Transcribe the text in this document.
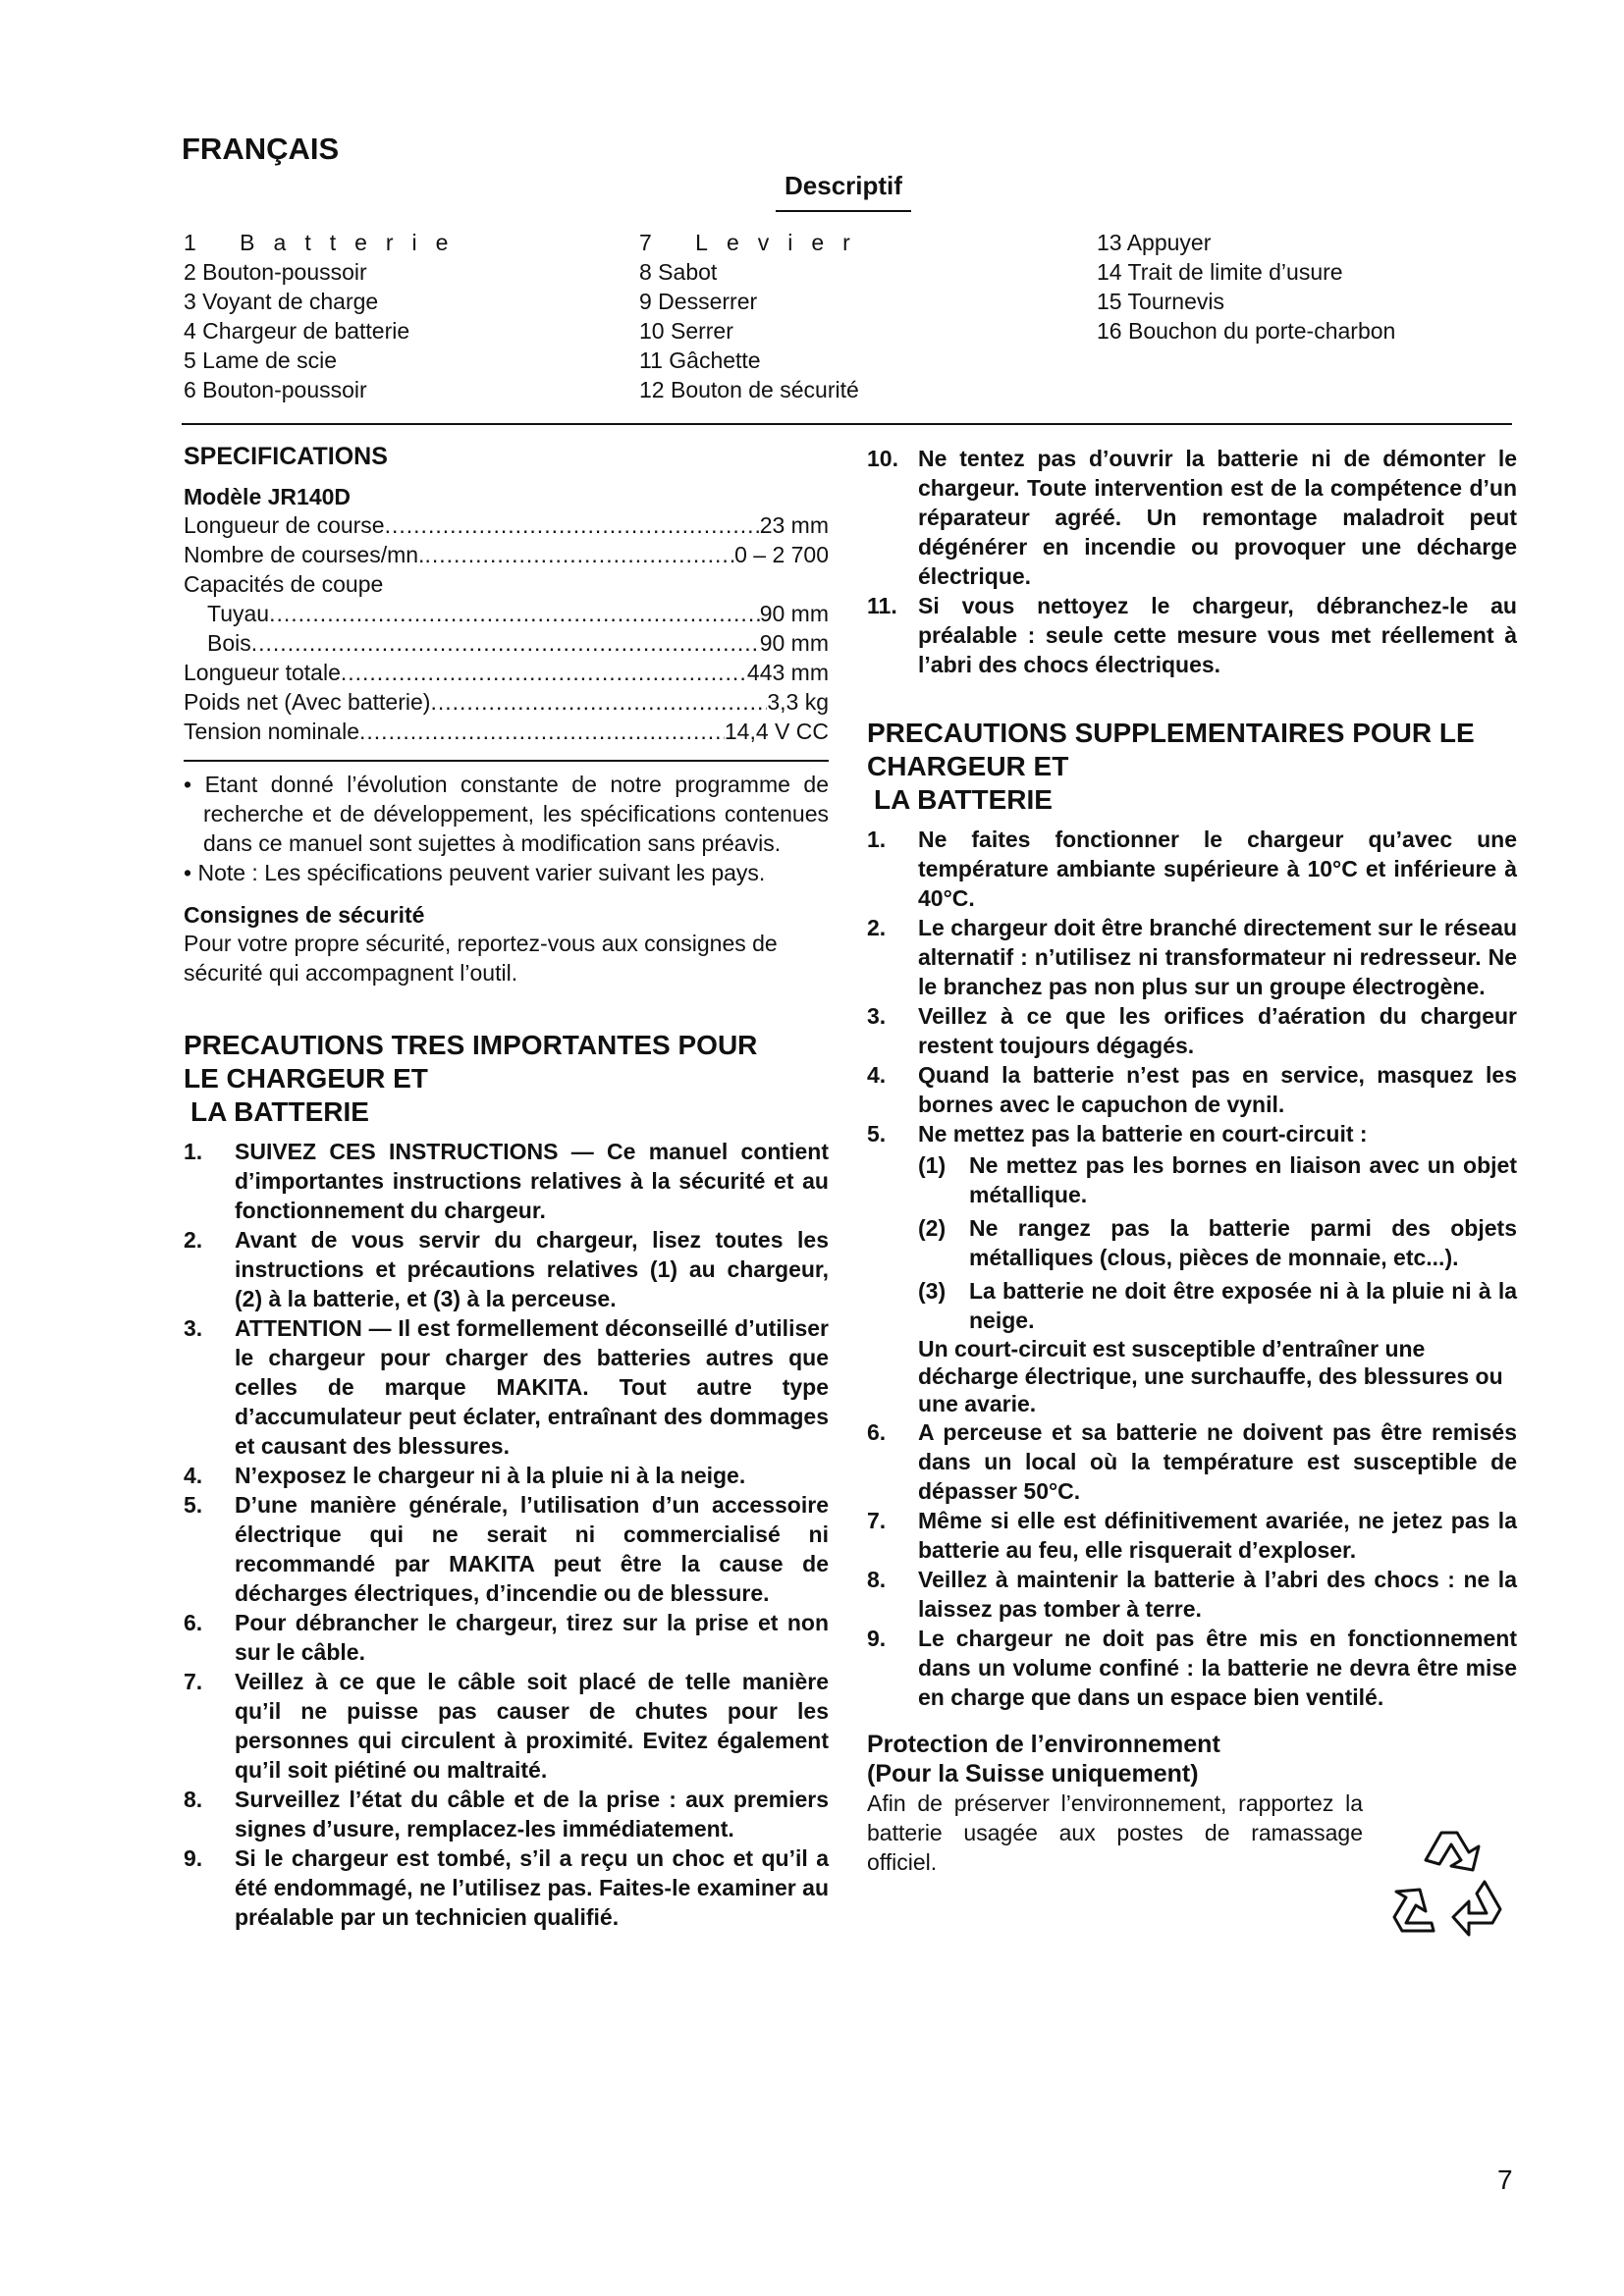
FRANÇAIS
Descriptif
1 Batterie
2 Bouton-poussoir
3 Voyant de charge
4 Chargeur de batterie
5 Lame de scie
6 Bouton-poussoir
7 Levier
8 Sabot
9 Desserrer
10 Serrer
11 Gâchette
12 Bouton de sécurité
13 Appuyer
14 Trait de limite d’usure
15 Tournevis
16 Bouchon du porte-charbon
SPECIFICATIONS

Modèle JR140D

Longueur de course .....	23 mm
Nombre de courses/mn. .....	0 – 2 700
Capacités de coupe
Tuyau .....	90 mm
Bois .....	90 mm
Longueur totale .....	443 mm
Poids net (Avec batterie) .....	3,3 kg
Tension nominale .....	14,4 V CC
• Etant donné l’évolution constante de notre programme de recherche et de développement, les spécifications contenues dans ce manuel sont sujettes à modification sans préavis.
• Note : Les spécifications peuvent varier suivant les pays.

Consignes de sécurité

Pour votre propre sécurité, reportez-vous aux consignes de sécurité qui accompagnent l’outil.

PRECAUTIONS TRES IMPORTANTES POUR
LE CHARGEUR ET
LA BATTERIE
1.	SUIVEZ CES INSTRUCTIONS — Ce manuel contient d’importantes instructions relatives à la sécurité et au fonctionnement du chargeur.
2.	Avant de vous servir du chargeur, lisez toutes les instructions et précautions relatives (1) au chargeur, (2) à la batterie, et (3) à la perceuse.
3.	ATTENTION — Il est formellement déconseillé d’utiliser le chargeur pour charger des batteries autres que celles de marque MAKITA. Tout autre type d’accumulateur peut éclater, entraînant des dommages et causant des blessures.
4.	N’exposez le chargeur ni à la pluie ni à la neige.
5.	D’une manière générale, l’utilisation d’un accessoire électrique qui ne serait ni commercialisé ni recommandé par MAKITA peut être la cause de décharges électriques, d’incendie ou de blessure.
6.	Pour débrancher le chargeur, tirez sur la prise et non sur le câble.
7.	Veillez à ce que le câble soit placé de telle manière qu’il ne puisse pas causer de chutes pour les personnes qui circulent à proximité. Evitez également qu’il soit piétiné ou maltraité.
8.	Surveillez l’état du câble et de la prise : aux premiers signes d’usure, remplacez-les immédiatement.
9.	Si le chargeur est tombé, s’il a reçu un choc et qu’il a été endommagé, ne l’utilisez pas. Faites-le examiner au préalable par un technicien qualifié.
10. Ne tentez pas d’ouvrir la batterie ni de démonter le chargeur. Toute intervention est de la compétence d’un réparateur agréé. Un remontage maladroit peut dégénérer en incendie ou provoquer une décharge électrique.
11. Si vous nettoyez le chargeur, débranchez-le au préalable : seule cette mesure vous met réellement à l’abri des chocs électriques.
PRECAUTIONS SUPPLEMENTAIRES POUR LE
CHARGEUR ET
LA BATTERIE
1.	Ne faites fonctionner le chargeur qu’avec une température ambiante supérieure à 10°C et inférieure à 40°C.
2.	Le chargeur doit être branché directement sur le réseau alternatif : n’utilisez ni transformateur ni redresseur. Ne le branchez pas non plus sur un groupe électrogène.
3.	Veillez à ce que les orifices d’aération du chargeur restent toujours dégagés.
4.	Quand la batterie n’est pas en service, masquez les bornes avec le capuchon de vynil.
5.	Ne mettez pas la batterie en court-circuit :
(1)	Ne mettez pas les bornes en liaison avec un objet métallique.
(2)	Ne rangez pas la batterie parmi des objets métalliques (clous, pièces de monnaie, etc...).
(3)	La batterie ne doit être exposée ni à la pluie ni à la neige.
Un court-circuit est susceptible d’entraîner une décharge électrique, une surchauffe, des blessures ou une avarie.
6.	A perceuse et sa batterie ne doivent pas être remisés dans un local où la température est susceptible de dépasser 50°C.
7.	Même si elle est définitivement avariée, ne jetez pas la batterie au feu, elle risquerait d’exploser.
8.	Veillez à maintenir la batterie à l’abri des chocs : ne la laissez pas tomber à terre.
9.	Le chargeur ne doit pas être mis en fonctionnement dans un volume confiné : la batterie ne devra être mise en charge que dans un espace bien ventilé.

Protection de l’environnement

(Pour la Suisse uniquement)

Afin de préserver l’environnement, rapportez la batterie usagée aux postes de ramassage officiel.

7
